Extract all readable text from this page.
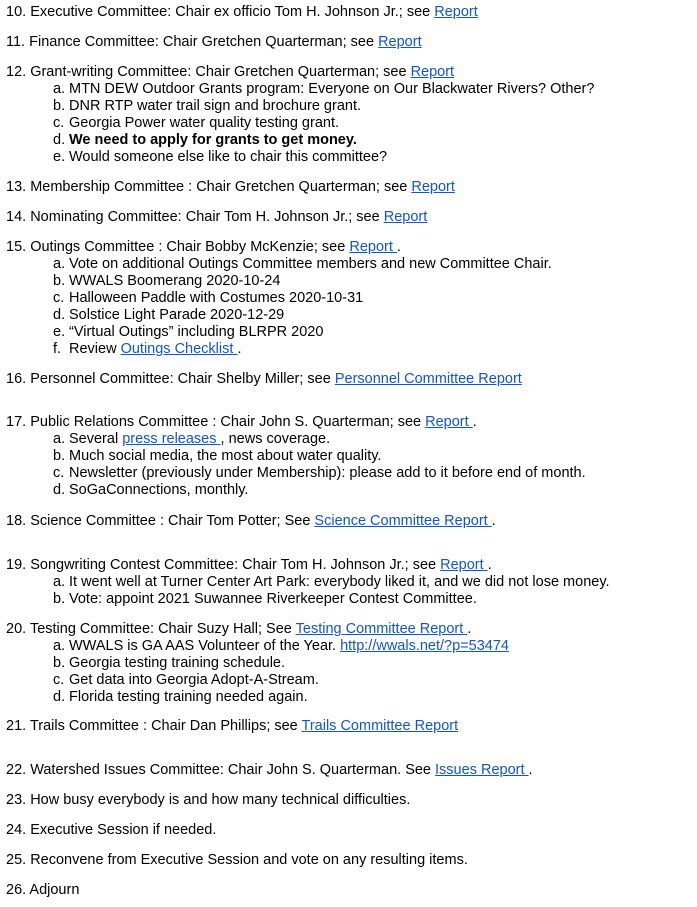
10. Executive Committee: Chair ex officio Tom H. Johnson Jr.; see Report
11. Finance Committee: Chair Gretchen Quarterman; see Report
12. Grant-writing Committee: Chair Gretchen Quarterman; see Report
a. MTN DEW Outdoor Grants program: Everyone on Our Blackwater Rivers? Other?
b. DNR RTP water trail sign and brochure grant.
c. Georgia Power water quality testing grant.
d. We need to apply for grants to get money.
e. Would someone else like to chair this committee?
13. Membership Committee : Chair Gretchen Quarterman; see Report
14. Nominating Committee: Chair Tom H. Johnson Jr.; see Report
15. Outings Committee : Chair Bobby McKenzie; see Report .
a. Vote on additional Outings Committee members and new Committee Chair.
b. WWALS Boomerang 2020-10-24
c. Halloween Paddle with Costumes 2020-10-31
d. Solstice Light Parade 2020-12-29
e. “Virtual Outings” including BLRPR 2020
f. Review Outings Checklist .
16. Personnel Committee: Chair Shelby Miller; see Personnel Committee Report
17. Public Relations Committee : Chair John S. Quarterman; see Report .
a. Several press releases , news coverage.
b. Much social media, the most about water quality.
c. Newsletter (previously under Membership): please add to it before end of month.
d. SoGaConnections, monthly.
18. Science Committee : Chair Tom Potter; See Science Committee Report .
19. Songwriting Contest Committee: Chair Tom H. Johnson Jr.; see Report .
a. It went well at Turner Center Art Park: everybody liked it, and we did not lose money.
b. Vote: appoint 2021 Suwannee Riverkeeper Contest Committee.
20. Testing Committee: Chair Suzy Hall; See Testing Committee Report .
a. WWALS is GA AAS Volunteer of the Year. http://wwals.net/?p=53474
b. Georgia testing training schedule.
c. Get data into Georgia Adopt-A-Stream.
d. Florida testing training needed again.
21. Trails Committee : Chair Dan Phillips; see Trails Committee Report
22. Watershed Issues Committee: Chair John S. Quarterman. See Issues Report .
23. How busy everybody is and how many technical difficulties.
24. Executive Session if needed.
25. Reconvene from Executive Session and vote on any resulting items.
26. Adjourn
